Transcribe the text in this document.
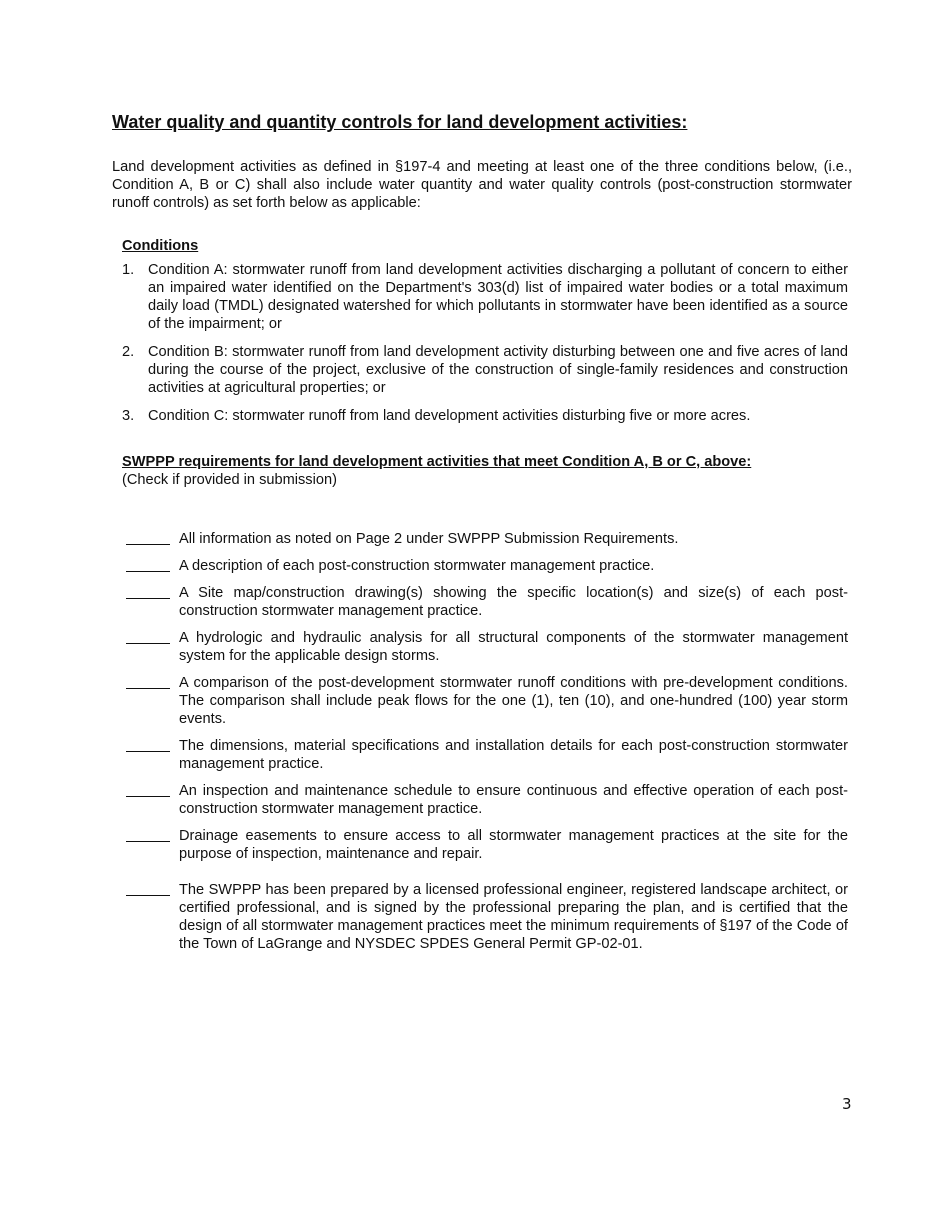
Water quality and quantity controls for land development activities:

Land development activities as defined in §197-4 and meeting at least one of the three conditions below, (i.e., Condition A, B or C) shall also include water quantity and water quality controls (post-construction stormwater runoff controls) as set forth below as applicable:

Conditions
1. Condition A: stormwater runoff from land development activities discharging a pollutant of concern to either an impaired water identified on the Department's 303(d) list of impaired water bodies or a total maximum daily load (TMDL) designated watershed for which pollutants in stormwater have been identified as a source of the impairment; or
2. Condition B: stormwater runoff from land development activity disturbing between one and five acres of land during the course of the project, exclusive of the construction of single-family residences and construction activities at agricultural properties; or
3. Condition C: stormwater runoff from land development activities disturbing five or more acres.
SWPPP requirements for land development activities that meet Condition A, B or C, above:

(Check if provided in submission)

All information as noted on Page 2 under SWPPP Submission Requirements.
A description of each post-construction stormwater management practice.
A Site map/construction drawing(s) showing the specific location(s) and size(s) of each post-construction stormwater management practice.
A hydrologic and hydraulic analysis for all structural components of the stormwater management system for the applicable design storms.
A comparison of the post-development stormwater runoff conditions with pre-development conditions. The comparison shall include peak flows for the one (1), ten (10), and one-hundred (100) year storm events.
The dimensions, material specifications and installation details for each post-construction stormwater management practice.
An inspection and maintenance schedule to ensure continuous and effective operation of each post-construction stormwater management practice.
Drainage easements to ensure access to all stormwater management practices at the site for the purpose of inspection, maintenance and repair.
The SWPPP has been prepared by a licensed professional engineer, registered landscape architect, or certified professional, and is signed by the professional preparing the plan, and is certified that the design of all stormwater management practices meet the minimum requirements of §197 of the Code of the Town of LaGrange and NYSDEC SPDES General Permit GP-02-01.

3
